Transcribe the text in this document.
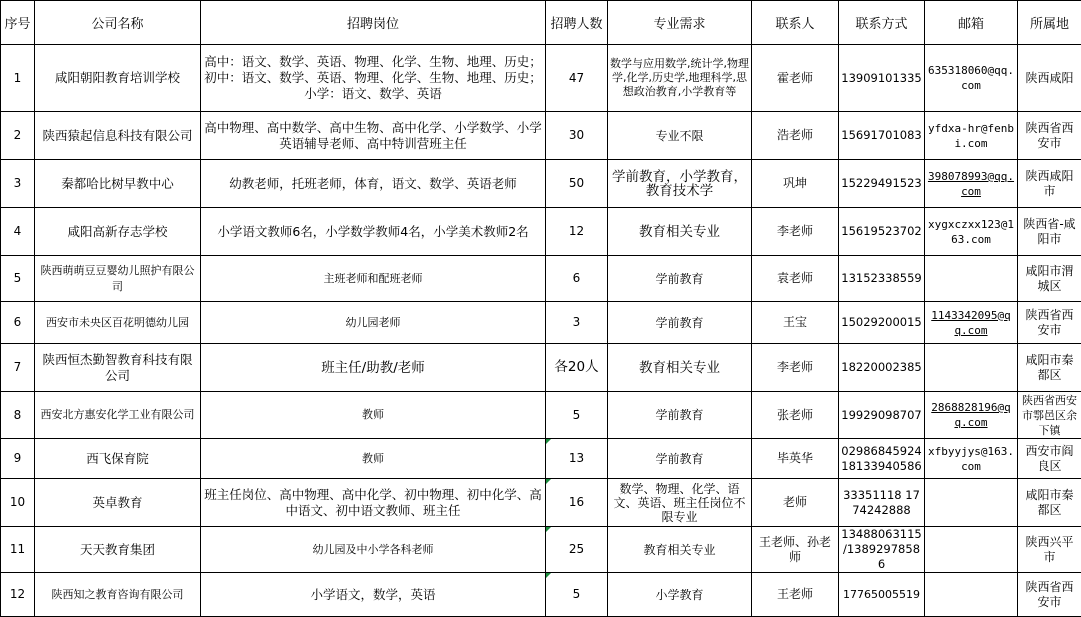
序号	公司名称	招聘岗位	招聘人数	专业需求	联系人	联系方式	邮箱	所属地
1	咸阳朝阳教育培训学校	高中：语文、数学、英语、物理、化学、生物、地理、历史；初中：语文、数学、英语、物理、化学、生物、地理、历史；小学：语文、数学、英语	47	数学与应用数学,统计学,物理学,化学,历史学,地理科学,思想政治教育,小学教育等	霍老师	13909101335	635318060@qq.com	陕西咸阳
2	陕西猿起信息科技有限公司	高中物理、高中数学、高中生物、高中化学、小学数学、小学英语辅导老师、高中特训营班主任	30	专业不限	浩老师	15691701083	yfdxa-hr@fenbi.com	陕西省西安市
3	秦都哈比树早教中心	幼教老师，托班老师，体育，语文、数学、英语老师	50	学前教育，小学教育，教育技术学	巩坤	15229491523	398078993@qq.com	陕西咸阳市
4	咸阳高新存志学校	小学语文教师6名，小学数学教师4名，小学美术教师2名	12	教育相关专业	李老师	15619523702	xygxczxx123@163.com	陕西省-咸阳市
5	陕西萌萌豆豆婴幼儿照护有限公司	主班老师和配班老师	6	学前教育	袁老师	13152338559		咸阳市渭城区
6	西安市未央区百花明德幼儿园	幼儿园老师	3	学前教育	王宝	15029200015	1143342095@qq.com	陕西省西安市
7	陕西恒杰勤智教育科技有限公司	班主任/助教/老师	各20人	教育相关专业	李老师	18220002385		咸阳市秦都区
8	西安北方惠安化学工业有限公司	教师	5	学前教育	张老师	19929098707	2868828196@qq.com	陕西省西安市鄠邑区余下镇
9	西飞保育院	教师	13	学前教育	毕英华	02986845924 18133940586	xfbyyjys@163.com	西安市阎良区
10	英卓教育	班主任岗位、高中物理、高中化学、初中物理、初中化学、高中语文、初中语文教师、班主任	16	数学、物理、化学、语文、英语、班主任岗位不限专业	老师	33351118 17742428​88		咸阳市秦都区
11	天天教育集团	幼儿园及中小学各科老师	25	教育相关专业	王老师、孙老师	13488063115 /13892978586		陕西兴平市
12	陕西知之教育咨询有限公司	小学语文，数学，英语	5	小学教育	王老师	17765005519		陕西省西安市
